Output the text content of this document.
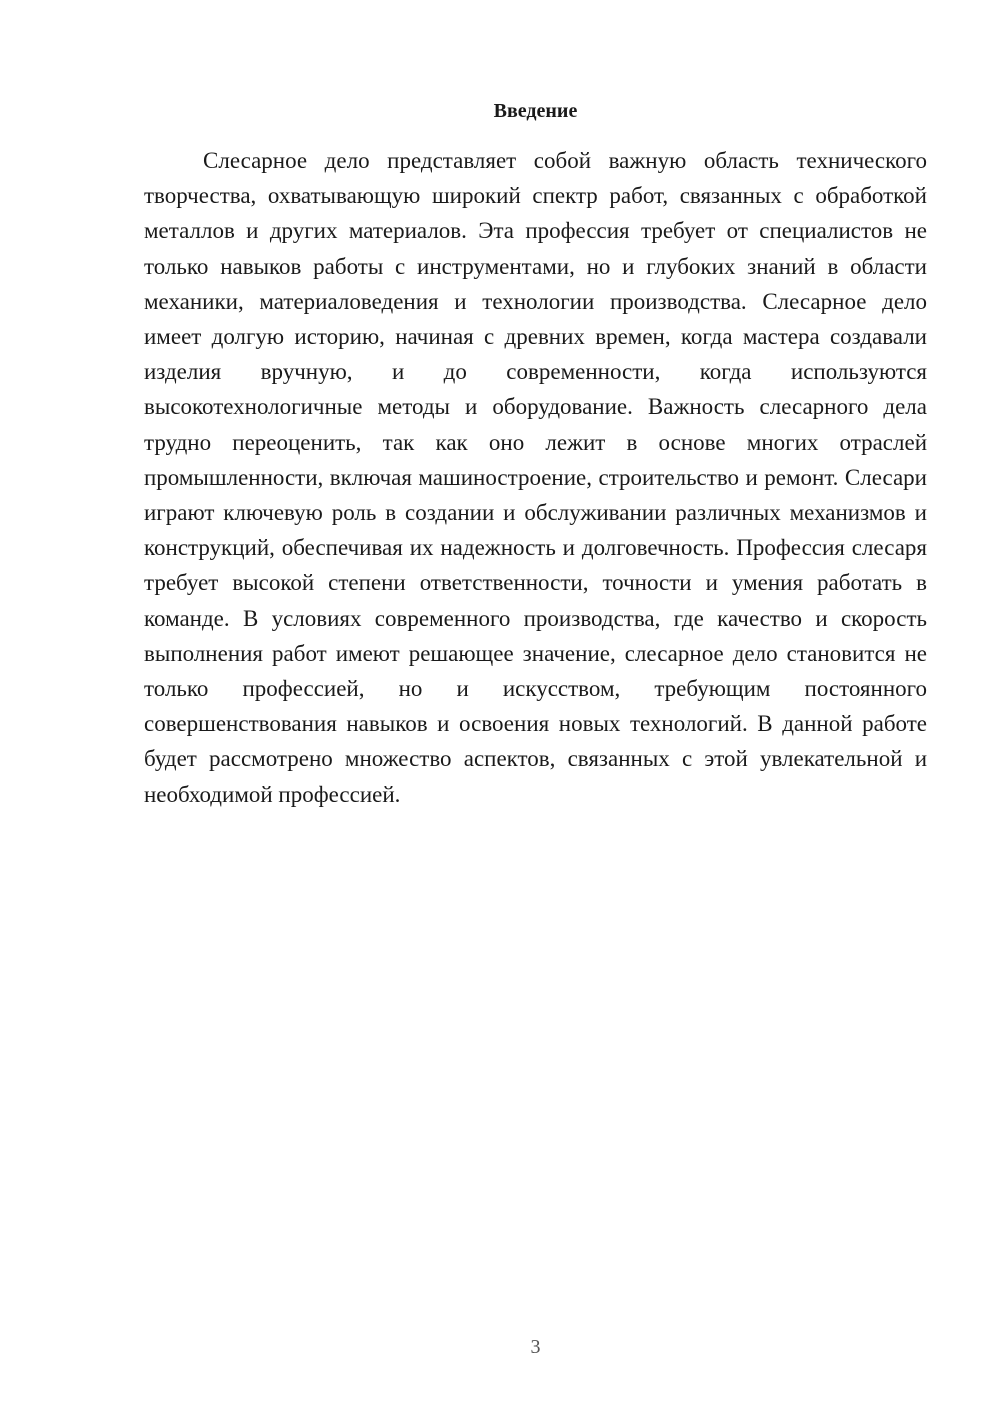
Введение

Слесарное дело представляет собой важную область технического творчества, охватывающую широкий спектр работ, связанных с обработкой металлов и других материалов. Эта профессия требует от специалистов не только навыков работы с инструментами, но и глубоких знаний в области механики, материаловедения и технологии производства. Слесарное дело имеет долгую историю, начиная с древних времен, когда мастера создавали изделия вручную, и до современности, когда используются высокотехнологичные методы и оборудование. Важность слесарного дела трудно переоценить, так как оно лежит в основе многих отраслей промышленности, включая машиностроение, строительство и ремонт. Слесари играют ключевую роль в создании и обслуживании различных механизмов и конструкций, обеспечивая их надежность и долговечность. Профессия слесаря требует высокой степени ответственности, точности и умения работать в команде. В условиях современного производства, где качество и скорость выполнения работ имеют решающее значение, слесарное дело становится не только профессией, но и искусством, требующим постоянного совершенствования навыков и освоения новых технологий. В данной работе будет рассмотрено множество аспектов, связанных с этой увлекательной и необходимой профессией.

3
